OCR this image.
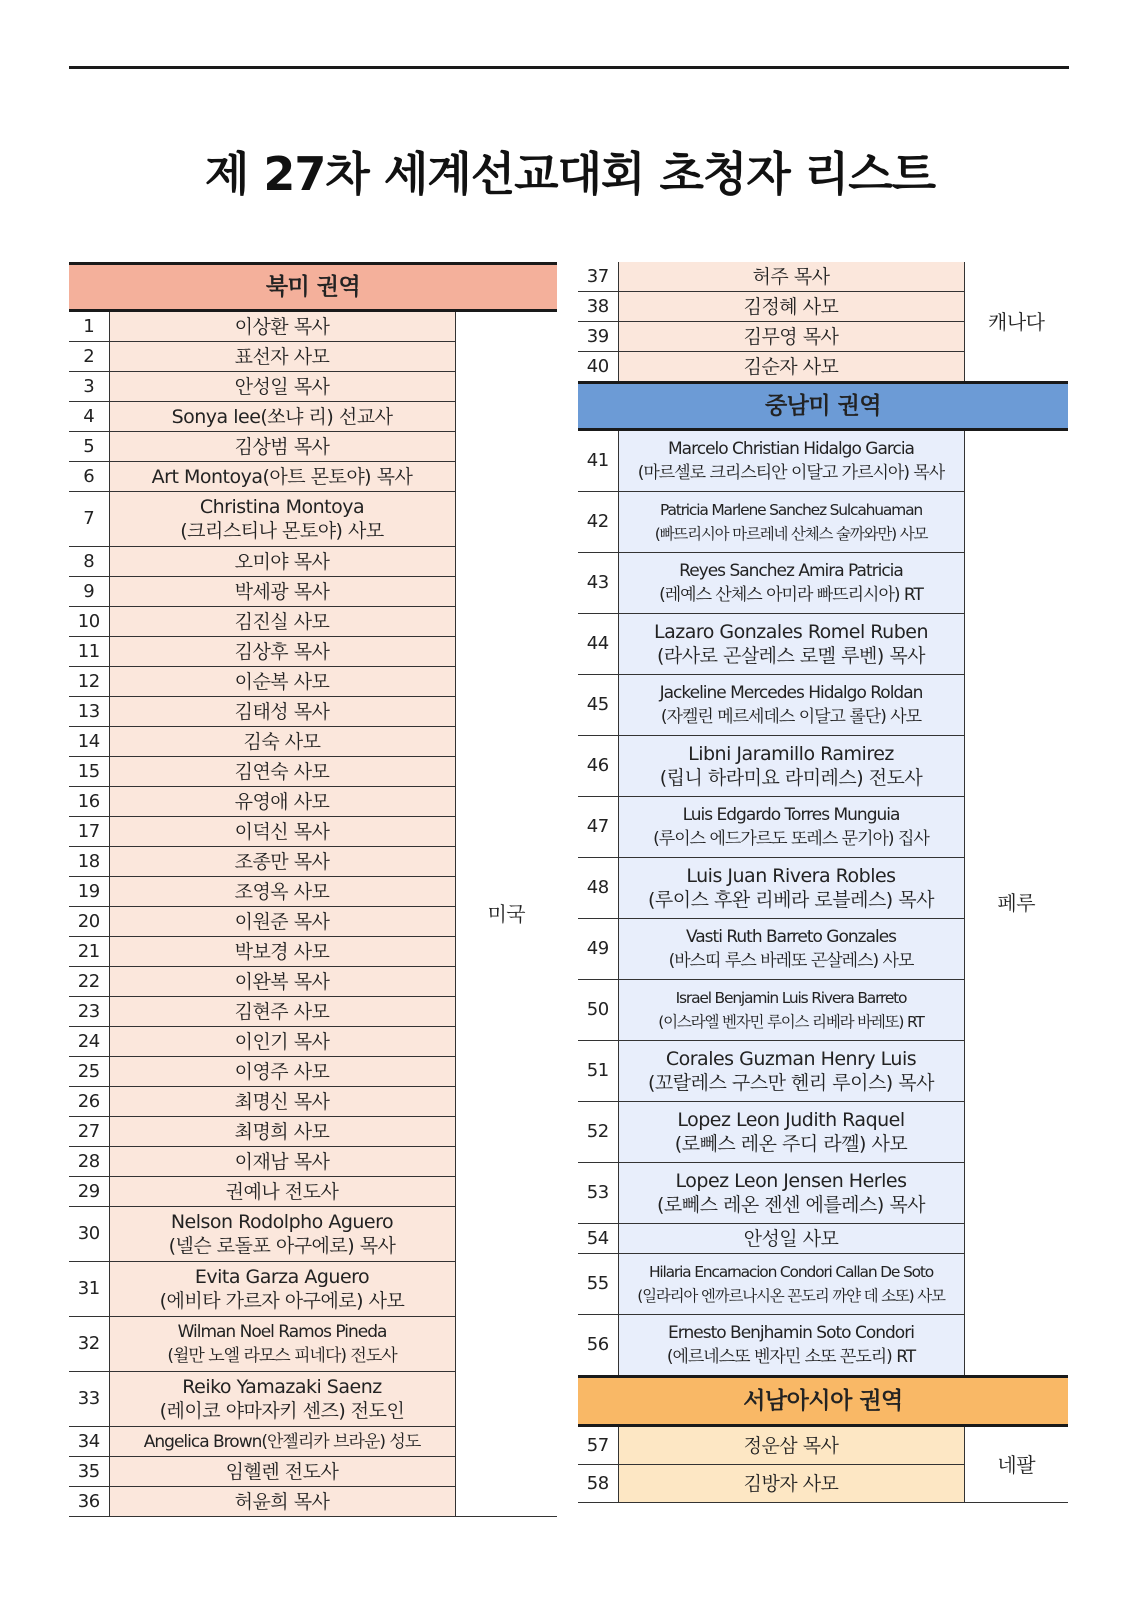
제 27차 세계선교대회 초청자 리스트
북미 권역		
1	이상환 목사	미국
2	표선자 사모	

3	안성일 목사	

4	Sonya lee(쏘냐 리) 선교사	

5	김상범 목사	

6	Art Montoya(아트 몬토야) 목사	

7	Christina Montoya
(크리스티나 몬토야) 사모	

8	오미야 목사	

9	박세광 목사	

10	김진실 사모	

11	김상후 목사	

12	이순복 사모	

13	김태성 목사	

14	김숙 사모	

15	김연숙 사모	

16	유영애 사모	

17	이덕신 목사	

18	조종만 목사	

19	조영옥 사모	

20	이원준 목사	

21	박보경 사모	

22	이완복 목사	

23	김현주 사모	

24	이인기 목사	

25	이영주 사모	

26	최명신 목사	

27	최명희 사모	

28	이재남 목사	

29	권예나 전도사	

30	Nelson Rodolpho Aguero
(넬슨 로돌포 아구에로) 목사	

31	Evita Garza Aguero
(에비타 가르자 아구에로) 사모	

32	Wilman Noel Ramos Pineda
(윌만 노엘 라모스 피네다) 전도사	

33	Reiko Yamazaki Saenz
(레이코 야마자키 센즈) 전도인	

34	Angelica Brown(안젤리카 브라운) 성도	

35	임헬렌 전도사	

36	허윤희 목사	
37	허주 목사	캐나다
38	김정혜 사모	

39	김무영 목사	

40	김순자 사모	

중남미 권역		
41	Marcelo Christian Hidalgo Garcia
(마르셀로 크리스티안 이달고 가르시아) 목사	페루
42	Patricia Marlene Sanchez Sulcahuaman
(빠뜨리시아 마르레네 산체스 술까와만) 사모	

43	Reyes Sanchez Amira Patricia
(레예스 산체스 아미라 빠뜨리시아) RT	

44	Lazaro Gonzales Romel Ruben
(라사로 곤살레스 로멜 루벤) 목사	

45	Jackeline Mercedes Hidalgo Roldan
(자켈린 메르세데스 이달고 롤단) 사모	

46	Libni Jaramillo Ramirez
(립니 하라미요 라미레스) 전도사	

47	Luis Edgardo Torres Munguia
(루이스 에드가르도 또레스 문기아) 집사	

48	Luis Juan Rivera Robles
(루이스 후완 리베라 로블레스) 목사	

49	Vasti Ruth Barreto Gonzales
(바스띠 루스 바레또 곤살레스) 사모	

50	Israel Benjamin Luis Rivera Barreto
(이스라엘 벤자민 루이스 리베라 바레또) RT	

51	Corales Guzman Henry Luis
(꼬랄레스 구스만 헨리 루이스) 목사	

52	Lopez Leon Judith Raquel
(로뻬스 레온 주디 라껠) 사모	

53	Lopez Leon Jensen Herles
(로뻬스 레온 젠센 에를레스) 목사	

54	안성일 사모	

55	Hilaria Encarnacion Condori Callan De Soto
(일라리아 엔까르나시온 꼰도리 까얀 데 소또) 사모	

56	Ernesto Benjhamin Soto Condori
(에르네스또 벤자민 소또 꼰도리) RT	

서남아시아 권역		
57	정운삼 목사	네팔
58	김방자 사모	
